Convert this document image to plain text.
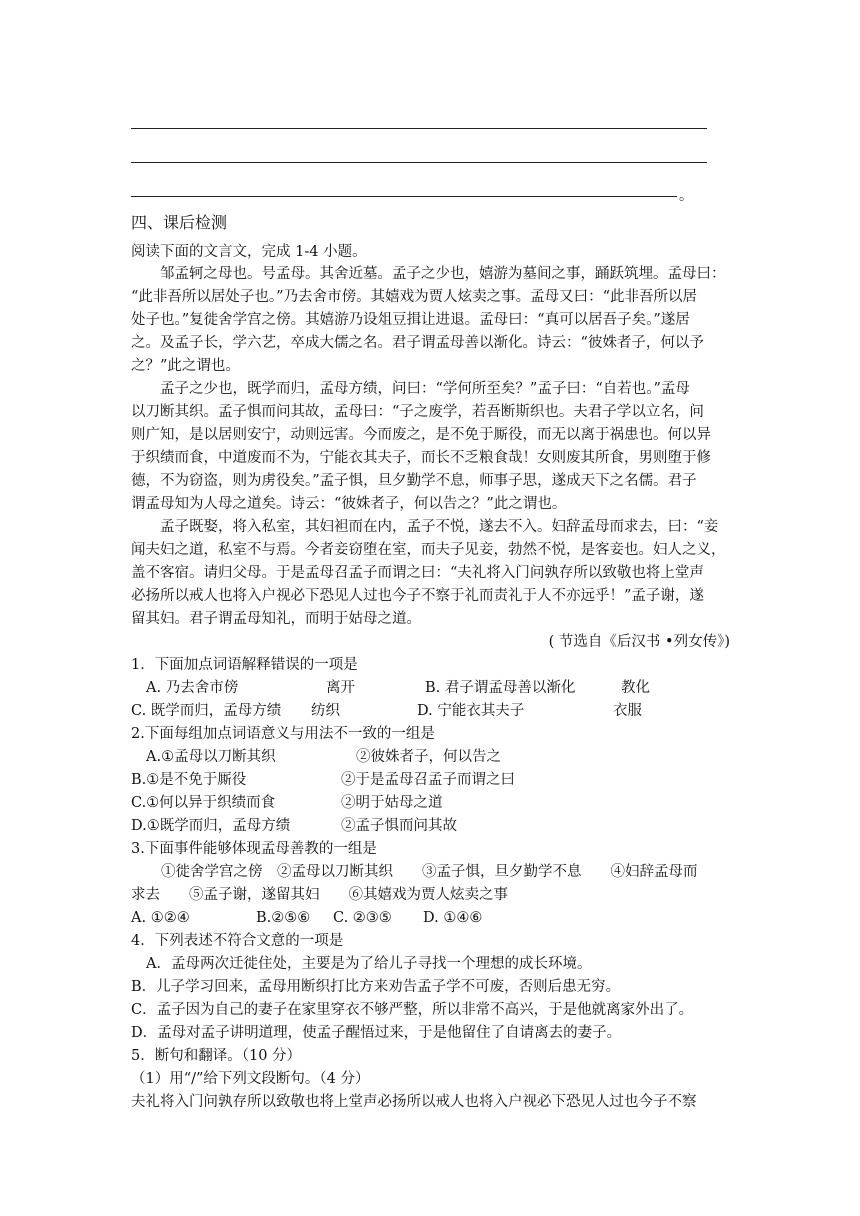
。
四、课后检测
阅读下面的文言文，完成 1-4 小题。
　　邹孟轲之母也。号孟母。其舍近墓。孟子之少也，嬉游为墓间之事，踊跃筑埋。孟母曰：
“此非吾所以居处子也。”乃去舍市傍。其嬉戏为贾人炫卖之事。孟母又曰：“此非吾所以居
处子也。”复徙舍学宫之傍。其嬉游乃设俎豆揖让进退。孟母曰：“真可以居吾子矣。”遂居
之。及孟子长，学六艺，卒成大儒之名。君子谓孟母善以渐化。诗云：“彼姝者子，何以予
之？”此之谓也。
　　孟子之少也，既学而归，孟母方绩，问曰：“学何所至矣？”孟子曰：“自若也。”孟母
以刀断其织。孟子惧而问其故，孟母曰：“子之废学，若吾断斯织也。夫君子学以立名，问
则广知，是以居则安宁，动则远害。今而废之，是不免于厮役，而无以离于祸患也。何以异
于织绩而食，中道废而不为，宁能衣其夫子，而长不乏粮食哉！女则废其所食，男则堕于修
德，不为窃盗，则为虏役矣。”孟子惧，旦夕勤学不息，师事子思，遂成天下之名儒。君子
谓孟母知为人母之道矣。诗云：“彼姝者子，何以告之？”此之谓也。
　　孟子既娶，将入私室，其妇袒而在内，孟子不悦，遂去不入。妇辞孟母而求去，曰：“妾
闻夫妇之道，私室不与焉。今者妾窃堕在室，而夫子见妾，勃然不悦，是客妾也。妇人之义，
盖不客宿。请归父母。于是孟母召孟子而谓之曰：“夫礼将入门问孰存所以致敬也将上堂声
必扬所以戒人也将入户视必下恐见人过也今子不察于礼而责礼于人不亦远乎！”孟子谢，遂
留其妇。君子谓孟母知礼，而明于姑母之道。
( 节选自《后汉书 •列女传》)
1．下面加点词语解释错误的一项是
A. 乃去舍市傍	离开	B. 君子谓孟母善以渐化	教化
C. 既学而归，孟母方绩 纺织	D. 宁能衣其夫子	衣服
2.下面每组加点词语意义与用法不一致的一组是
A.①孟母以刀断其织	②彼姝者子，何以告之
B.①是不免于厮役	②于是孟母召孟子而谓之曰
C.①何以异于织绩而食	②明于姑母之道
D.①既学而归，孟母方绩	②孟子惧而问其故
3.下面事件能够体现孟母善教的一组是
①徙舍学宫之傍　②孟母以刀断其织　　③孟子惧，旦夕勤学不息　　④妇辞孟母而
求去　　⑤孟子谢，遂留其妇　　⑥其嬉戏为贾人炫卖之事
A. ①②④	B.②⑤⑥ C. ②③⑤ D. ①④⑥
4．下列表述不符合文意的一项是
A．孟母两次迁徙住处，主要是为了给儿子寻找一个理想的成长环境。
B．儿子学习回来，孟母用断织打比方来劝告孟子学不可废，否则后患无穷。
C．孟子因为自己的妻子在家里穿衣不够严整，所以非常不高兴，于是他就离家外出了。
D．孟母对孟子讲明道理，使孟子醒悟过来，于是他留住了自请离去的妻子。
5．断句和翻译。（10 分）
（1）用“/”给下列文段断句。（4 分）
夫礼将入门问孰存所以致敬也将上堂声必扬所以戒人也将入户视必下恐见人过也今子不察
